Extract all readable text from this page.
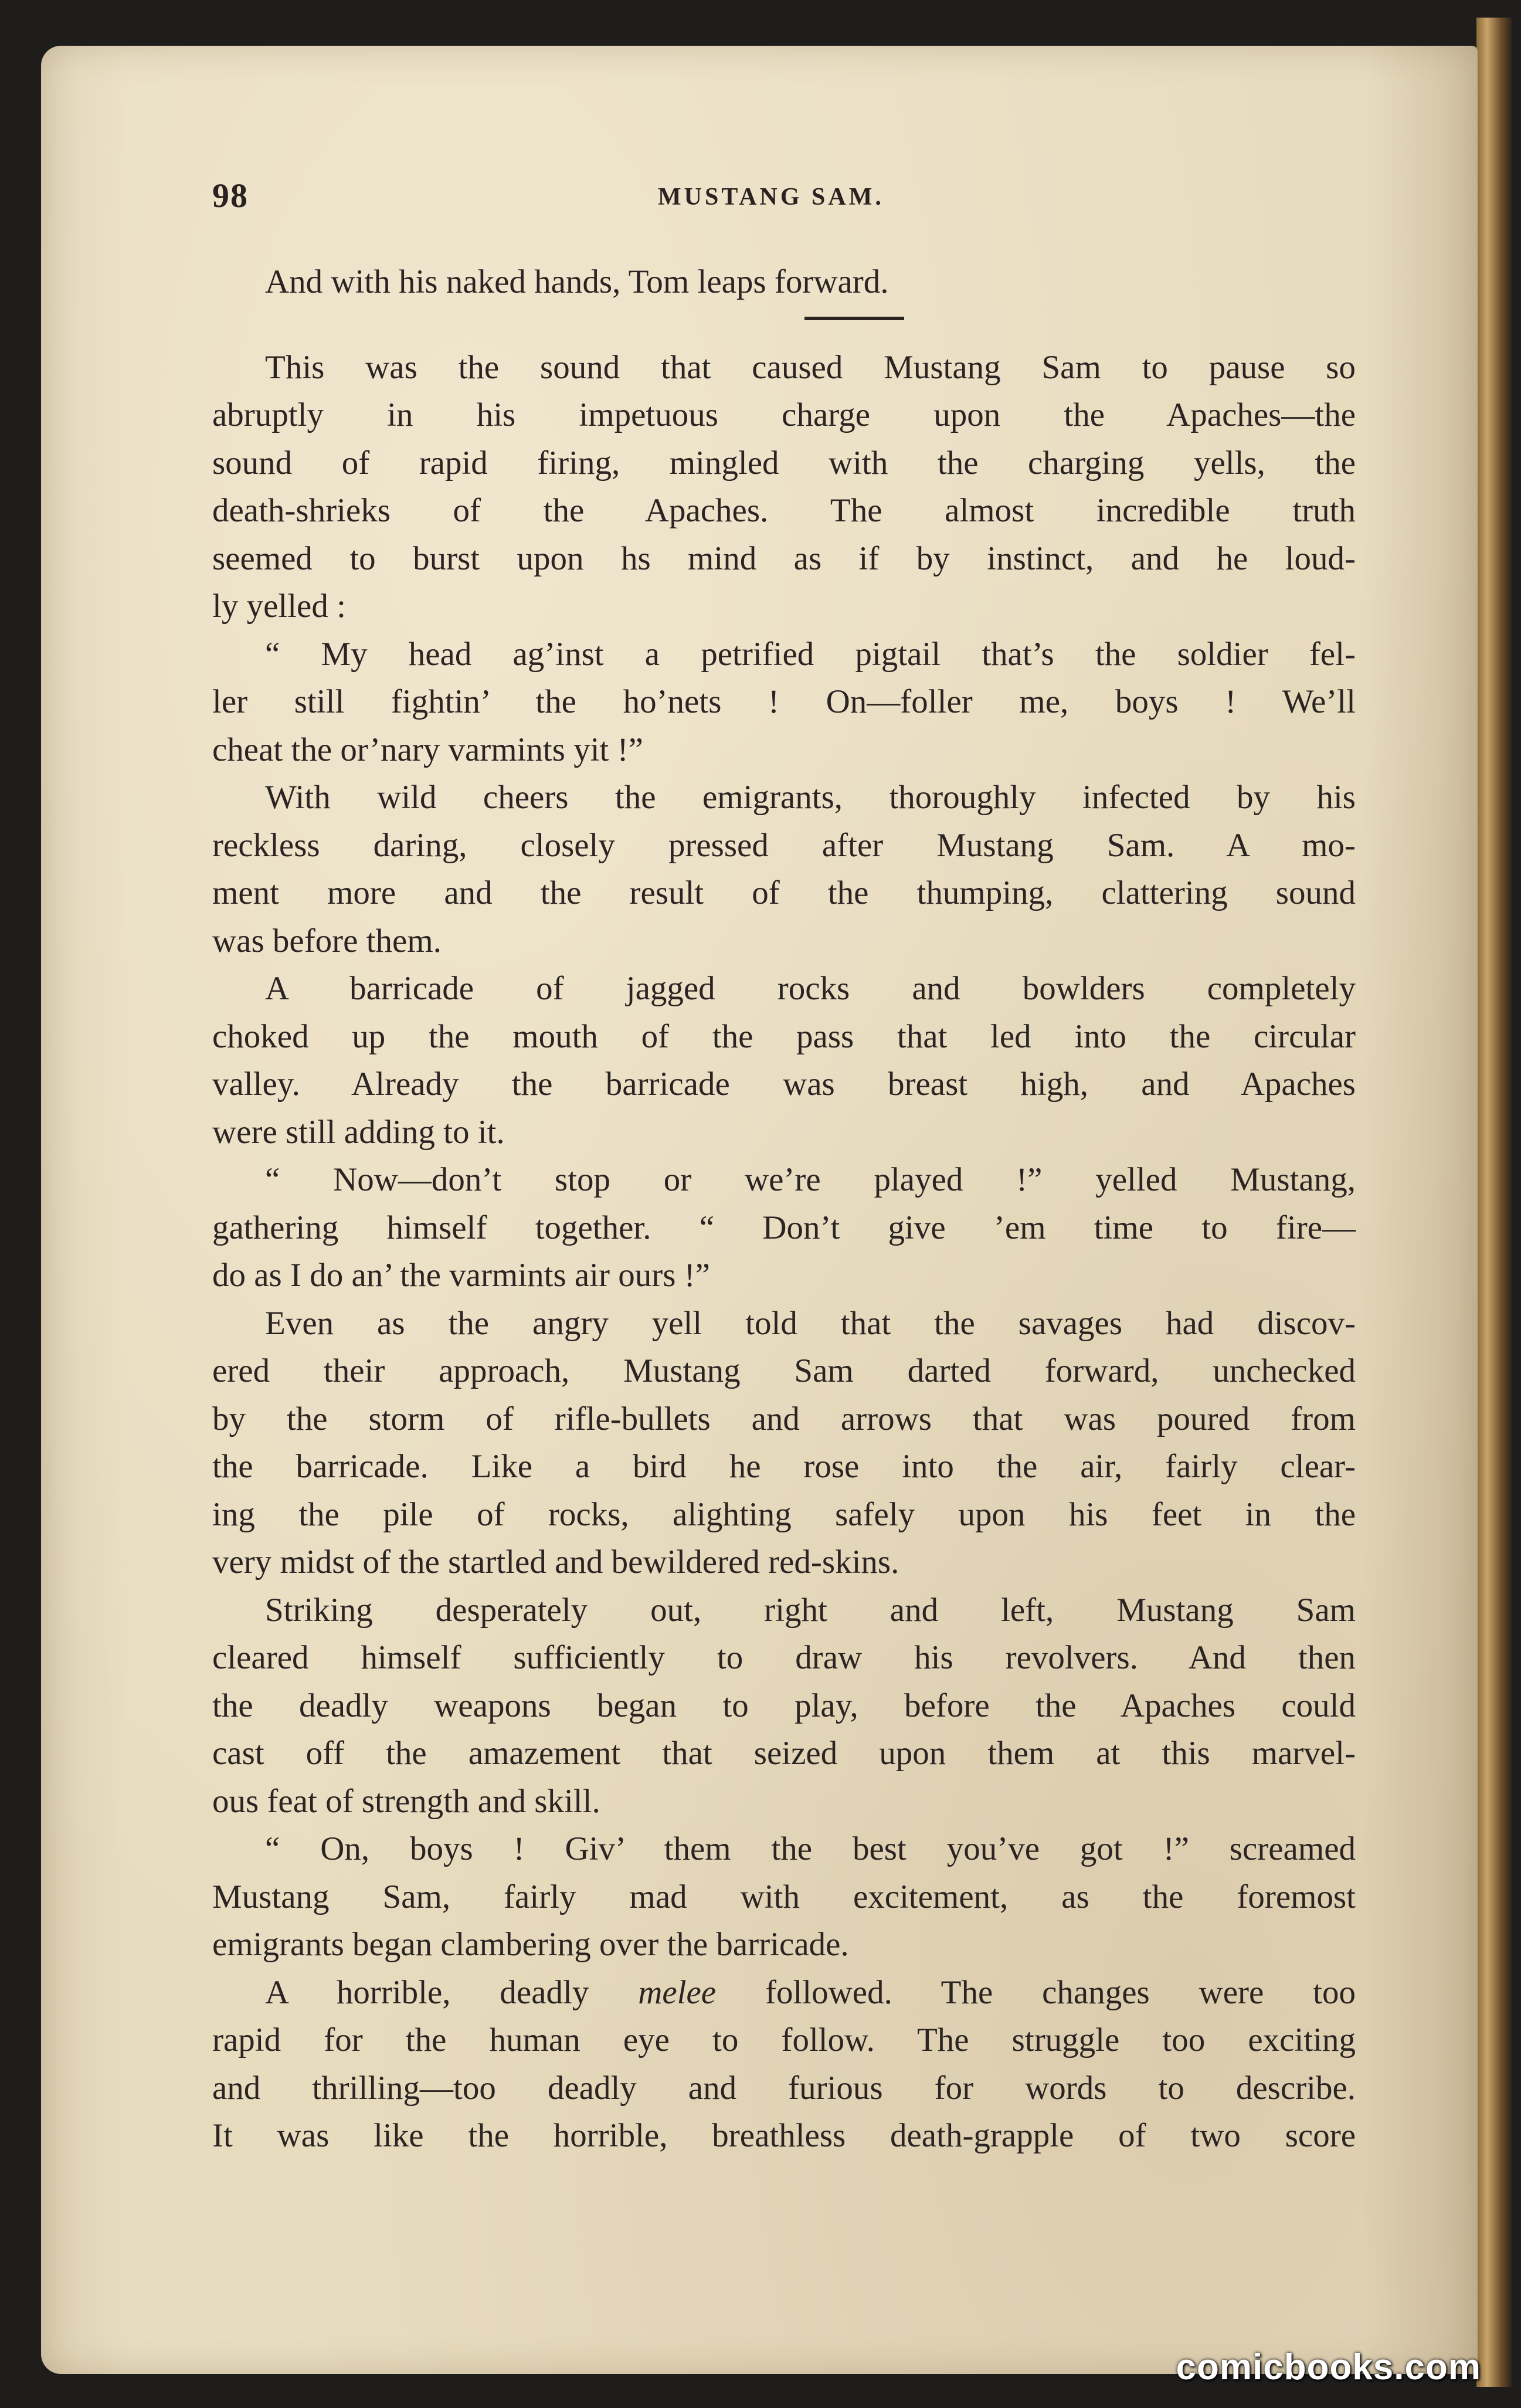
98	MUSTANG SAM.
And with his naked hands, Tom leaps forward.
This was the sound that caused Mustang Sam to pause so
abruptly in his impetuous charge upon the Apaches—the
sound of rapid firing, mingled with the charging yells, the
death-shrieks of the Apaches. The almost incredible truth
seemed to burst upon hs mind as if by instinct, and he loud-
ly yelled :
“ My head ag’inst a petrified pigtail that’s the soldier fel-
ler still fightin’ the ho’nets ! On—foller me, boys ! We’ll
cheat the or’nary varmints yit !”
With wild cheers the emigrants, thoroughly infected by his
reckless daring, closely pressed after Mustang Sam. A mo-
ment more and the result of the thumping, clattering sound
was before them.
A barricade of jagged rocks and bowlders completely
choked up the mouth of the pass that led into the circular
valley. Already the barricade was breast high, and Apaches
were still adding to it.
“ Now—don’t stop or we’re played !” yelled Mustang,
gathering himself together. “ Don’t give ’em time to fire—
do as I do an’ the varmints air ours !”
Even as the angry yell told that the savages had discov-
ered their approach, Mustang Sam darted forward, unchecked
by the storm of rifle-bullets and arrows that was poured from
the barricade. Like a bird he rose into the air, fairly clear-
ing the pile of rocks, alighting safely upon his feet in the
very midst of the startled and bewildered red-skins.
Striking desperately out, right and left, Mustang Sam
cleared himself sufficiently to draw his revolvers. And then
the deadly weapons began to play, before the Apaches could
cast off the amazement that seized upon them at this marvel-
ous feat of strength and skill.
“ On, boys ! Giv’ them the best you’ve got !” screamed
Mustang Sam, fairly mad with excitement, as the foremost
emigrants began clambering over the barricade.
A horrible, deadly melee followed. The changes were too
rapid for the human eye to follow. The struggle too exciting
and thrilling—too deadly and furious for words to describe.
It was like the horrible, breathless death-grapple of two score
comicbooks.com
